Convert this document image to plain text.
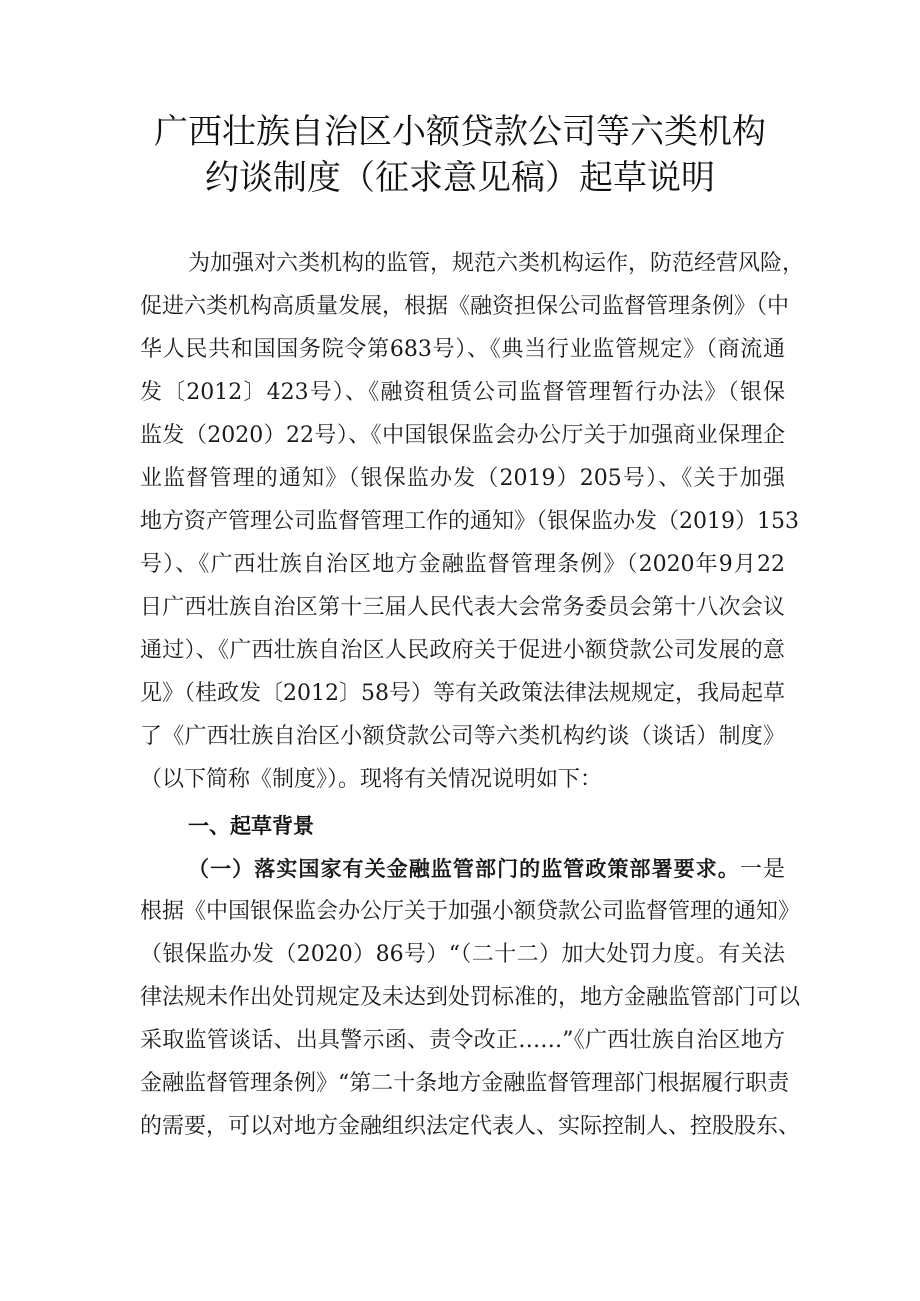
广西壮族自治区小额贷款公司等六类机构
约谈制度（征求意见稿）起草说明
为加强对六类机构的监管，规范六类机构运作，防范经营风险，
促进六类机构高质量发展，根据《融资担保公司监督管理条例》（中
华人民共和国国务院令第683号）、《典当行业监管规定》（商流通
发〔2012〕423号）、《融资租赁公司监督管理暂行办法》（银保
监发（2020）22号）、《中国银保监会办公厅关于加强商业保理企
业监督管理的通知》（银保监办发（2019）205号）、《关于加强
地方资产管理公司监督管理工作的通知》（银保监办发（2019）153
号）、《广西壮族自治区地方金融监督管理条例》（2020年9月22
日广西壮族自治区第十三届人民代表大会常务委员会第十八次会议
通过）、《广西壮族自治区人民政府关于促进小额贷款公司发展的意
见》（桂政发〔2012〕58号）等有关政策法律法规规定，我局起草
了《广西壮族自治区小额贷款公司等六类机构约谈（谈话）制度》
（以下简称《制度》）。现将有关情况说明如下：
一、起草背景
（一）落实国家有关金融监管部门的监管政策部署要求。一是
根据《中国银保监会办公厅关于加强小额贷款公司监督管理的通知》
（银保监办发（2020）86号）“（二十二）加大处罚力度。有关法
律法规未作出处罚规定及未达到处罚标准的，地方金融监管部门可以
采取监管谈话、出具警示函、责令改正……”《广西壮族自治区地方
金融监督管理条例》“第二十条地方金融监督管理部门根据履行职责
的需要，可以对地方金融组织法定代表人、实际控制人、控股股东、
